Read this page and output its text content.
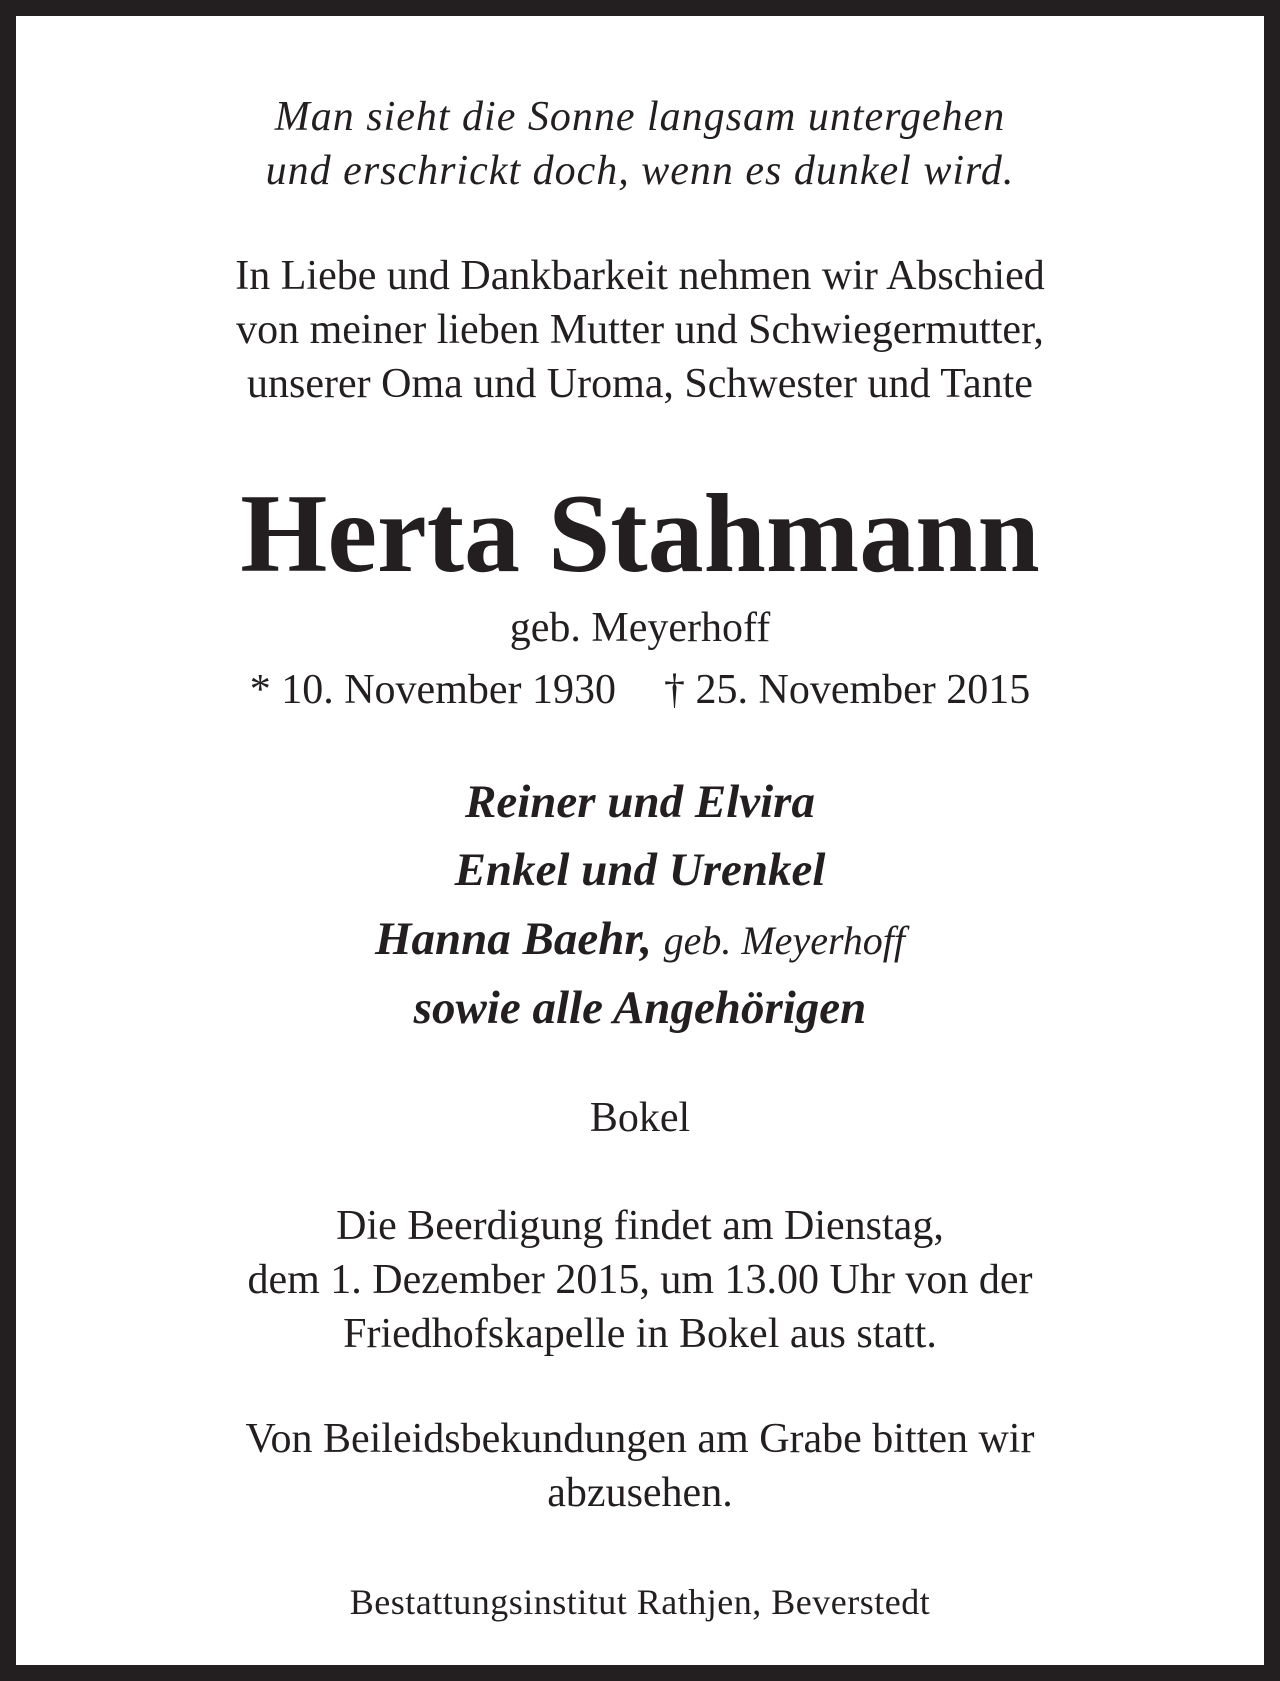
Man sieht die Sonne langsam untergehen
und erschrickt doch, wenn es dunkel wird.

In Liebe und Dankbarkeit nehmen wir Abschied
von meiner lieben Mutter und Schwiegermutter,
unserer Oma und Uroma, Schwester und Tante

Herta Stahmann

geb. Meyerhoff

* 10. November 1930 † 25. November 2015

Reiner und Elvira

Enkel und Urenkel

Hanna Baehr, geb. Meyerhoff

sowie alle Angehörigen

Bokel

Die Beerdigung findet am Dienstag,
dem 1. Dezember 2015, um 13.00 Uhr von der
Friedhofskapelle in Bokel aus statt.

Von Beileidsbekundungen am Grabe bitten wir
abzusehen.

Bestattungsinstitut Rathjen, Beverstedt
